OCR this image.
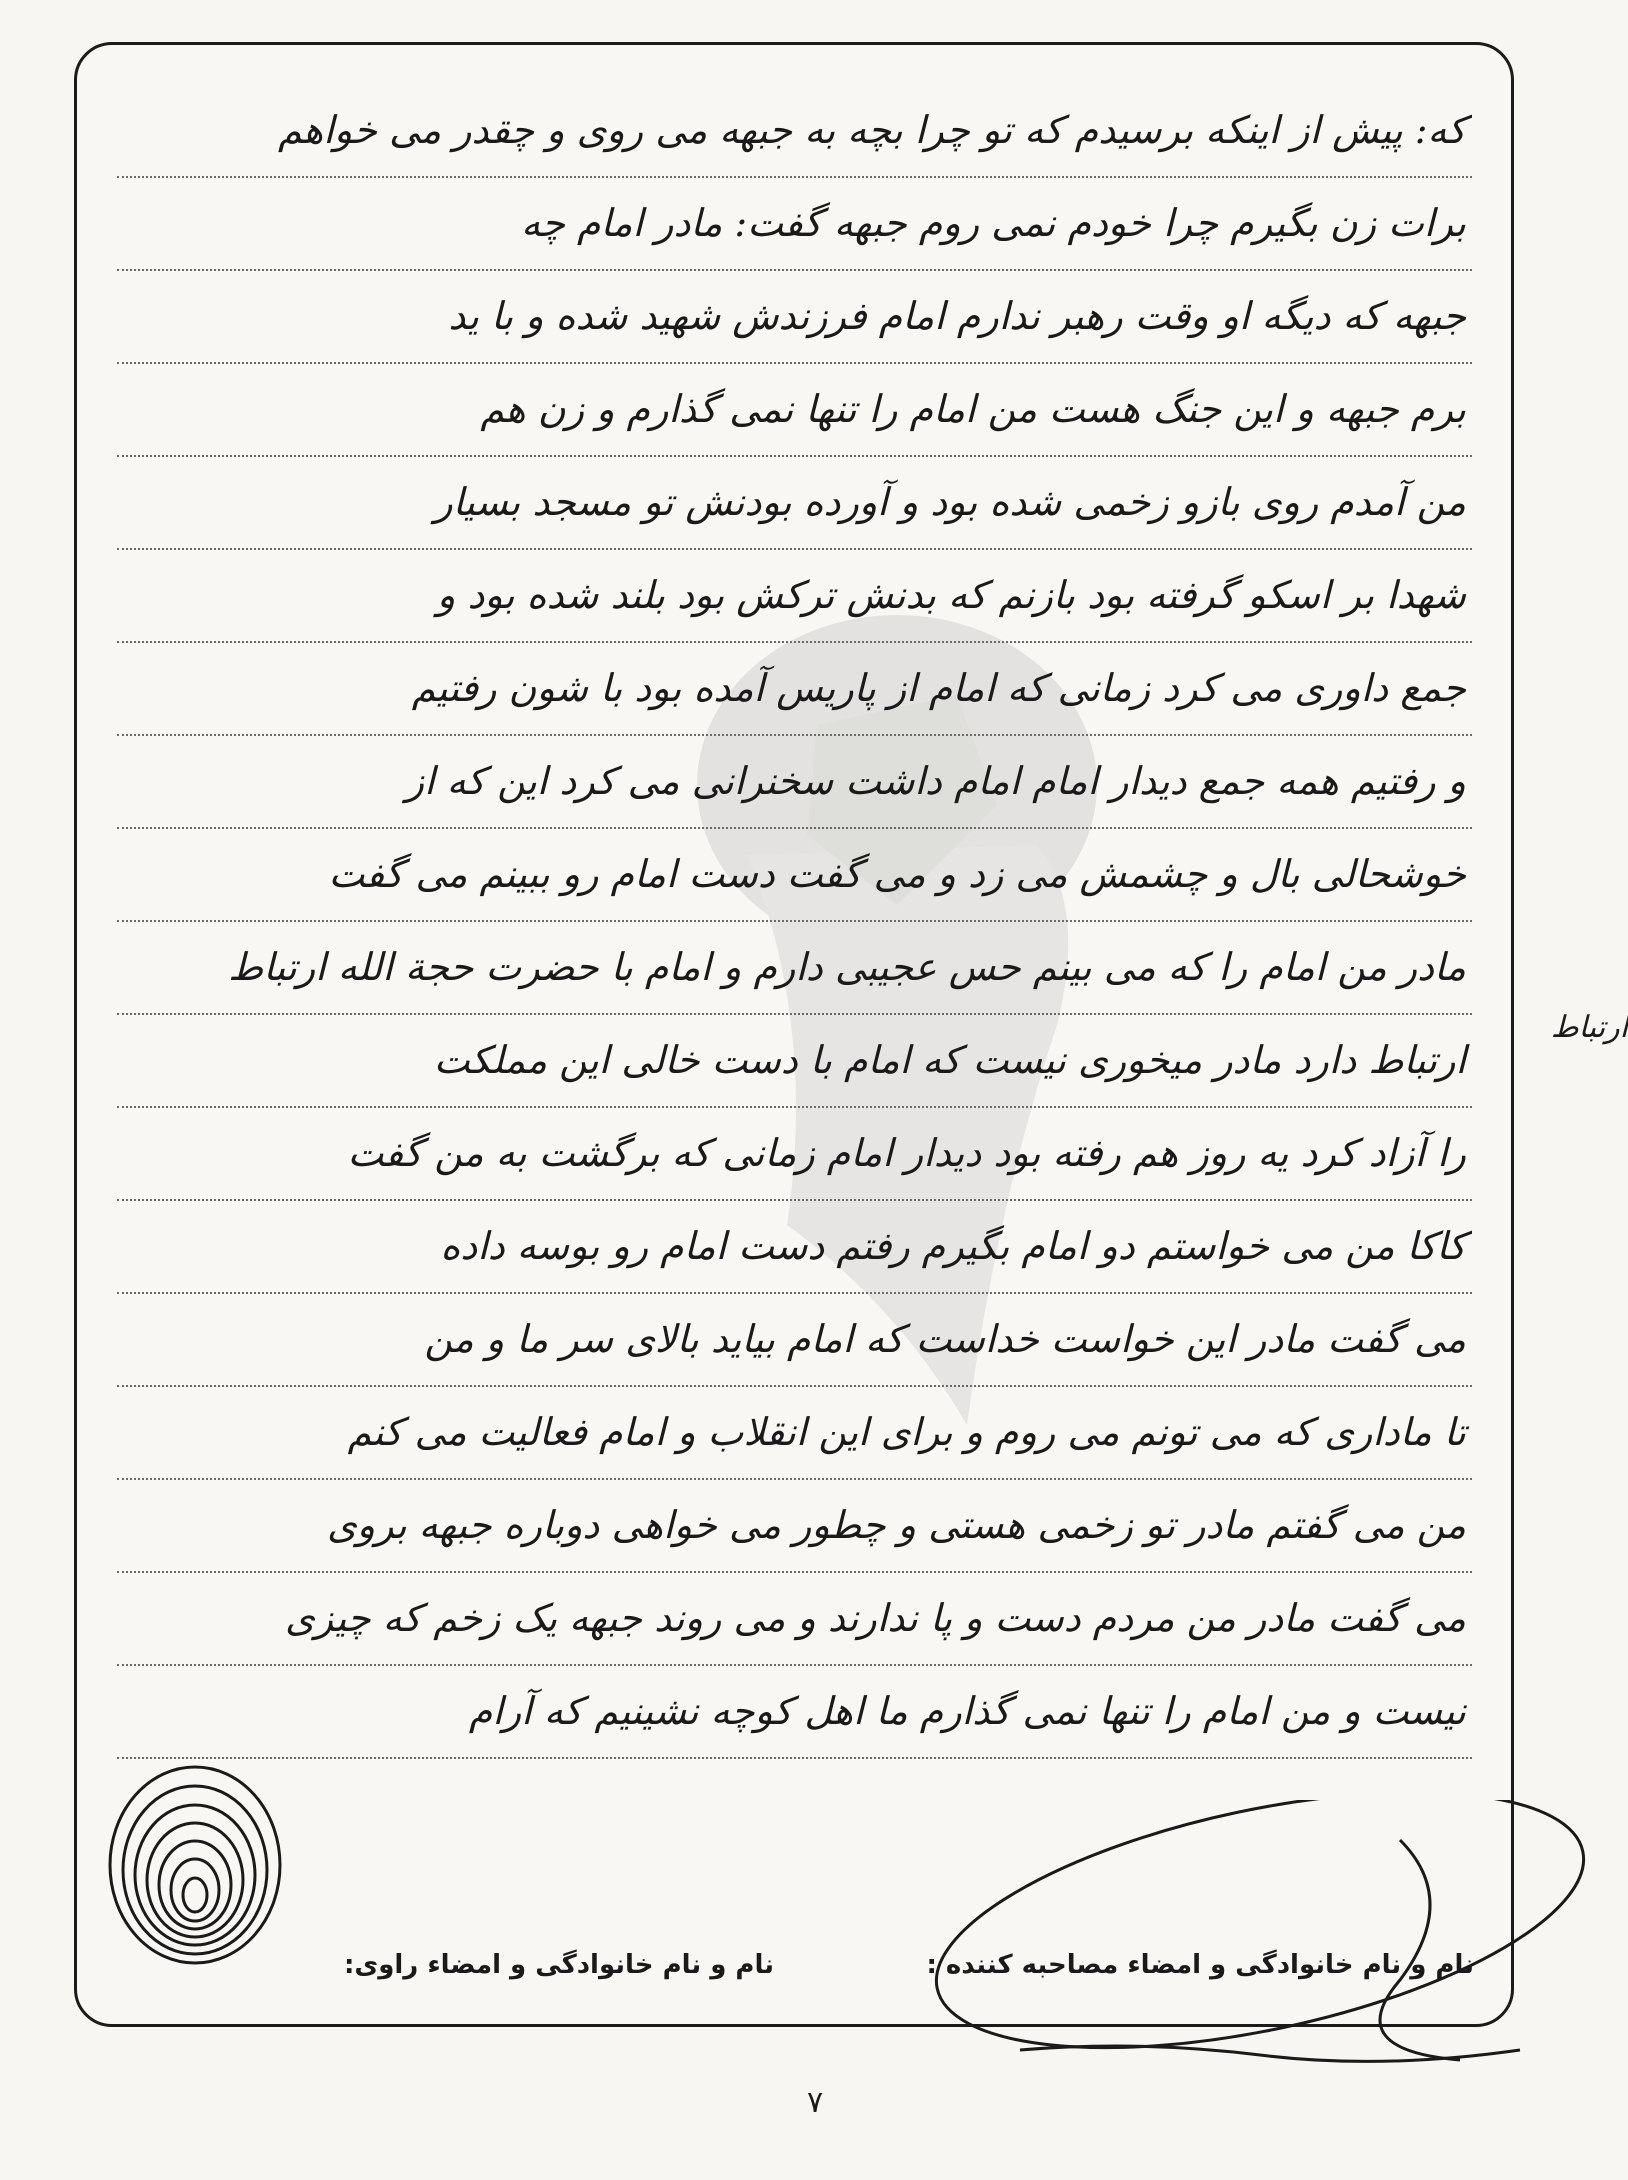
که: پیش از اینکه برسیدم که تو چرا بچه به جبهه می روی و چقدر می خواهم
برات زن بگیرم چرا خودم نمی روم جبهه گفت: مادر امام چه
جبهه که دیگه او وقت رهبر ندارم امام فرزندش شهید شده و با ید
برم جبهه و این جنگ هست من امام را تنها نمی گذارم و زن هم
من آمدم روی بازو زخمی شده بود و آورده بودنش تو مسجد بسیار
شهدا بر اسکو گرفته بود بازنم که بدنش ترکش بود بلند شده بود و
جمع داوری می کرد زمانی که امام از پاریس آمده بود با شون رفتیم
و رفتیم همه جمع دیدار امام امام داشت سخنرانی می کرد این که از
خوشحالی بال و چشمش می زد و می گفت دست امام رو ببینم می گفت
مادر من امام را که می بینم حس عجیبی دارم و امام با حضرت حجة الله ارتباط
ارتباط دارد مادر میخوری نیست که امام با دست خالی این مملکت
را آزاد کرد یه روز هم رفته بود دیدار امام زمانی که برگشت به من گفت
کاکا من می خواستم دو امام بگیرم رفتم دست امام رو بوسه داده
می گفت مادر این خواست خداست که امام بیاید بالای سر ما و من
تا ماداری که می تونم می روم و برای این انقلاب و امام فعالیت می کنم
من می گفتم مادر تو زخمی هستی و چطور می خواهی دوباره جبهه بروی
می گفت مادر من مردم دست و پا ندارند و می روند جبهه یک زخم که چیزی
نیست و من امام را تنها نمی گذارم ما اهل کوچه نشینیم که آرام
ارتباط
نام و نام خانوادگی و امضاء مصاحبه کننده :
نام و نام خانوادگی و امضاء راوی:
۷
